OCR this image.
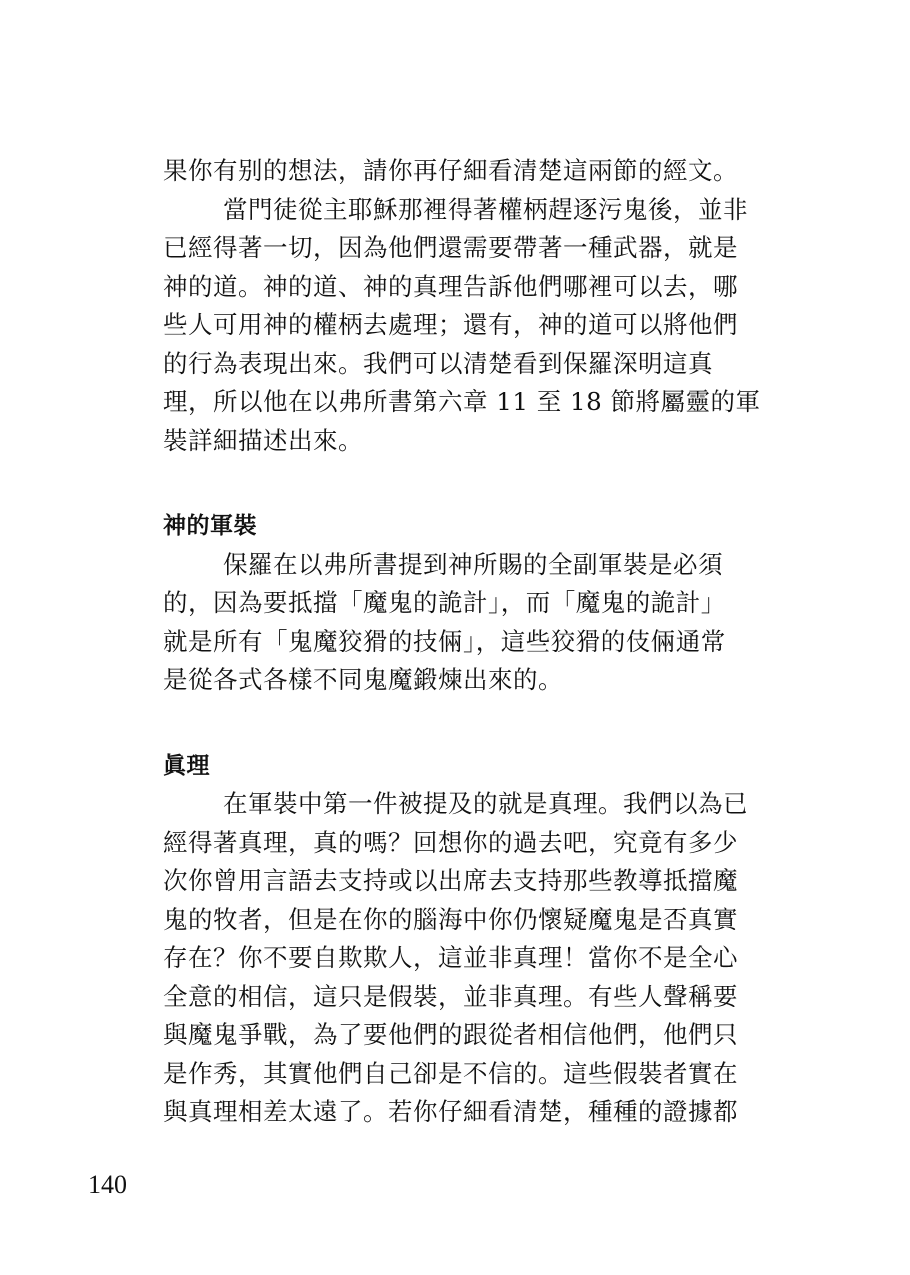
果你有别的想法，請你再仔細看清楚這兩節的經文。
當門徒從主耶穌那裡得著權柄趕逐污鬼後，並非
已經得著一切，因為他們還需要帶著一種武器，就是
神的道。神的道、神的真理告訴他們哪裡可以去，哪
些人可用神的權柄去處理；還有，神的道可以將他們
的行為表現出來。我們可以清楚看到保羅深明這真
理，所以他在以弗所書第六章 11 至 18 節將屬靈的軍
裝詳細描述出來。
神的軍裝
保羅在以弗所書提到神所賜的全副軍裝是必須
的，因為要抵擋「魔鬼的詭計」，而「魔鬼的詭計」
就是所有「鬼魔狡猾的技倆」，這些狡猾的伎倆通常
是從各式各樣不同鬼魔鍛煉出來的。
眞理
在軍裝中第一件被提及的就是真理。我們以為已
經得著真理，真的嗎？回想你的過去吧，究竟有多少
次你曾用言語去支持或以出席去支持那些教導抵擋魔
鬼的牧者，但是在你的腦海中你仍懷疑魔鬼是否真實
存在？你不要自欺欺人，這並非真理！當你不是全心
全意的相信，這只是假裝，並非真理。有些人聲稱要
與魔鬼爭戰，為了要他們的跟從者相信他們，他們只
是作秀，其實他們自己卻是不信的。這些假裝者實在
與真理相差太遠了。若你仔細看清楚，種種的證據都
140
